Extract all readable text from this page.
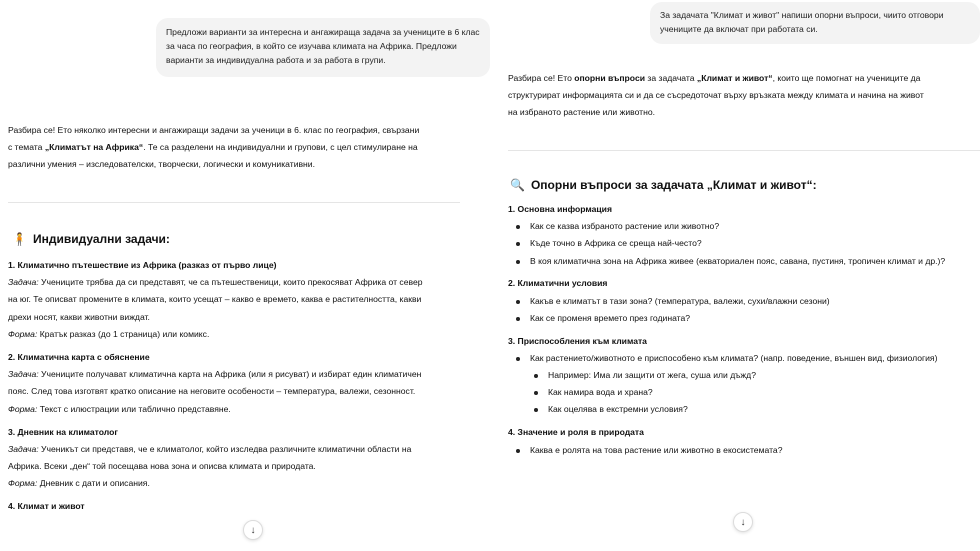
Предложи варианти за интересна и ангажираща задача за учениците в 6 клас за часа по география, в който се изучава климата на Африка. Предложи варианти за индивидуална работа и за работа в групи.
Разбира се! Ето няколко интересни и ангажиращи задачи за ученици в 6. клас по география, свързани
с темата „Климатът на Африка“. Те са разделени на индивидуални и групови, с цел стимулиране на
различни умения – изследователски, творчески, логически и комуникативни.
🧍 Индивидуални задачи:
1. Климатично пътешествие из Африка (разказ от първо лице)
Задача: Учениците трябва да си представят, че са пътешественици, които прекосяват Африка от север
на юг. Те описват промените в климата, които усещат – какво е времето, каква е растителността, какви
дрехи носят, какви животни виждат.
Форма: Кратък разказ (до 1 страница) или комикс.
2. Климатична карта с обяснение
Задача: Учениците получават климатична карта на Африка (или я рисуват) и избират един климатичен
пояс. След това изготвят кратко описание на неговите особености – температура, валежи, сезонност.
Форма: Текст с илюстрации или таблично представяне.
3. Дневник на климатолог
Задача: Ученикът си представя, че е климатолог, който изследва различните климатични области на
Африка. Всеки „ден“ той посещава нова зона и описва климата и природата.
Форма: Дневник с дати и описания.
4. Климат и живот
↓
За задачата "Климат и живот" напиши опорни въпроси, чиито отговори учениците да включат при работата си.
Разбира се! Ето опорни въпроси за задачата „Климат и живот“, които ще помогнат на учениците да
структурират информацията си и да се съсредоточат върху връзката между климата и начина на живот
на избраното растение или животно.
🔍 Опорни въпроси за задачата „Климат и живот“:
1. Основна информация
Как се казва избраното растение или животно?
Къде точно в Африка се среща най-често?
В коя климатична зона на Африка живее (екваториален пояс, савана, пустиня, тропичен климат и др.)?
2. Климатични условия
Какъв е климатът в тази зона? (температура, валежи, сухи/влажни сезони)
Как се променя времето през годината?
3. Приспособления към климата
Как растението/животното е приспособено към климата? (напр. поведение, външен вид, физиология)
Например: Има ли защити от жега, суша или дъжд?
Как намира вода и храна?
Как оцелява в екстремни условия?
4. Значение и роля в природата
Каква е ролята на това растение или животно в екосистемата?
↓
